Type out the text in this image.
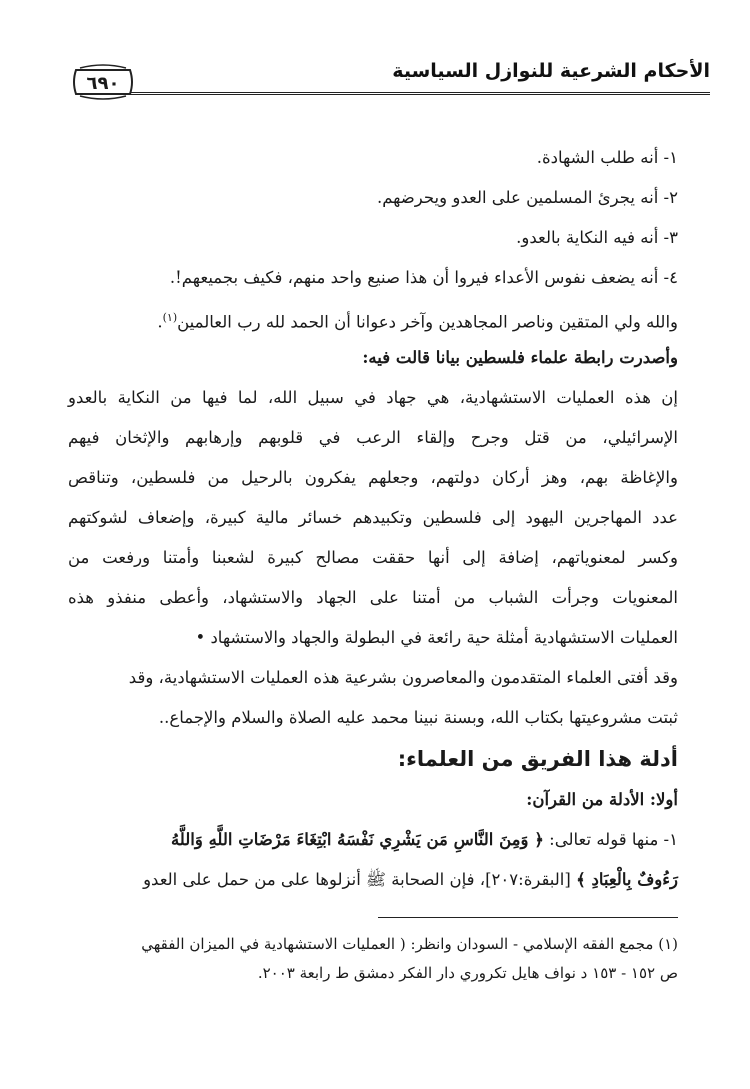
الأحكام الشرعية للنوازل السياسية
٦٩٠
١- أنه طلب الشهادة.
٢- أنه يجرئ المسلمين على العدو ويحرضهم.
٣- أنه فيه النكاية بالعدو.
٤- أنه يضعف نفوس الأعداء فيروا أن هذا صنيع واحد منهم، فكيف بجميعهم!.
والله ولي المتقين وناصر المجاهدين وآخر دعوانا أن الحمد لله رب العالمين$^{(١)}$.
وأصدرت رابطة علماء فلسطين بيانا قالت فيه:
إن هذه العمليات الاستشهادية، هي جهاد في سبيل الله، لما فيها من النكاية بالعدو
الإسرائيلي، من قتل وجرح وإلقاء الرعب في قلوبهم وإرهابهم والإثخان فيهم
والإغاظة بهم، وهز أركان دولتهم، وجعلهم يفكرون بالرحيل من فلسطين، وتناقص
عدد المهاجرين اليهود إلى فلسطين وتكبيدهم خسائر مالية كبيرة، وإضعاف لشوكتهم
وكسر لمعنوياتهم، إضافة إلى أنها حققت مصالح كبيرة لشعبنا وأمتنا ورفعت من
المعنويات وجرأت الشباب من أمتنا على الجهاد والاستشهاد، وأعطى منفذو هذه
العمليات الاستشهادية أمثلة حية رائعة في البطولة والجهاد والاستشهاد •
وقد أفتى العلماء المتقدمون والمعاصرون بشرعية هذه العمليات الاستشهادية، وقد
ثبتت مشروعيتها بكتاب الله، وبسنة نبينا محمد عليه الصلاة والسلام والإجماع..
أدلة هذا الفريق من العلماء:
أولا: الأدلة من القرآن:
١- منها قوله تعالى: ﴿ وَمِنَ النَّاسِ مَن يَشْرِي نَفْسَهُ ابْتِغَاءَ مَرْضَاتِ اللَّهِ وَاللَّهُ
رَءُوفٌ بِالْعِبَادِ ﴾ [البقرة:٢٠٧]، فإن الصحابة ﷺ أنزلوها على من حمل على العدو
(١) مجمع الفقه الإسلامي - السودان وانظر: ( العمليات الاستشهادية في الميزان الفقهي
ص ١٥٢ - ١٥٣ د نواف هايل تكروري دار الفكر دمشق ط رابعة ٢٠٠٣.
